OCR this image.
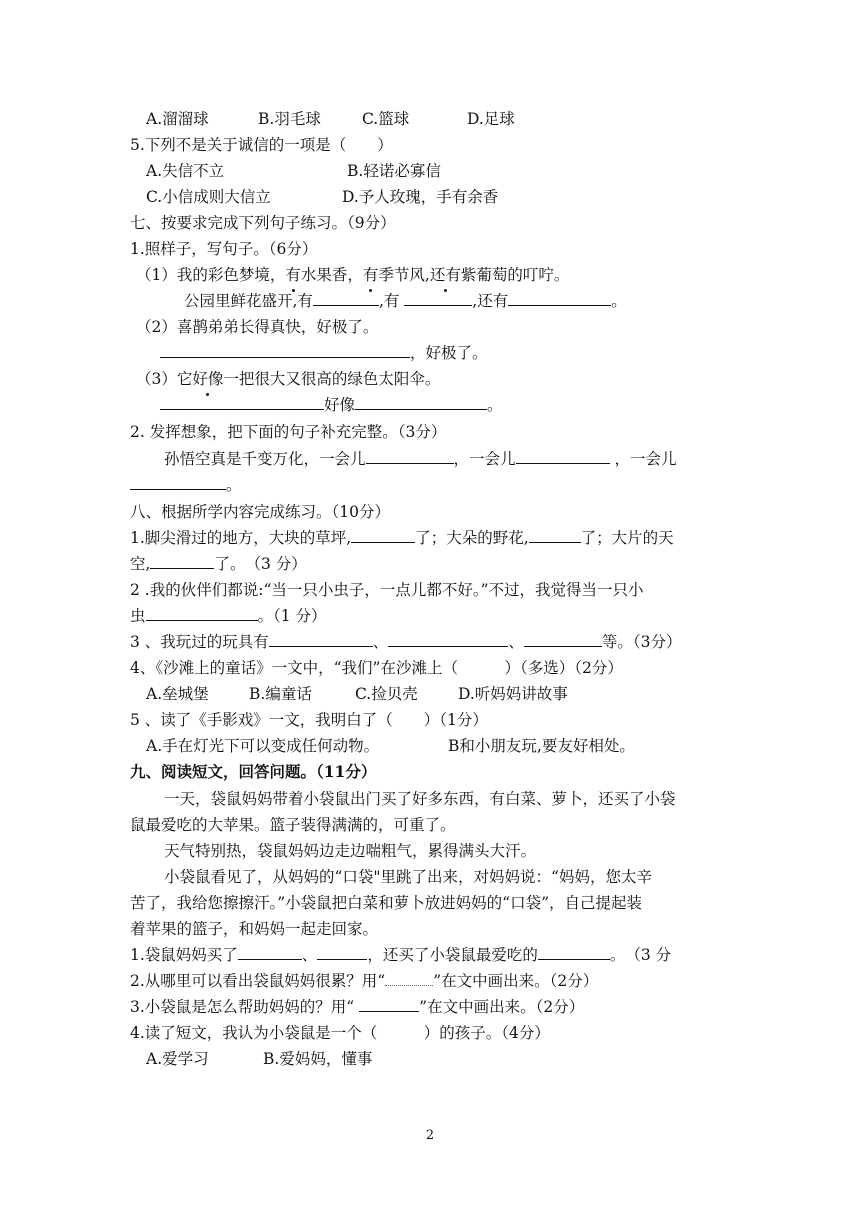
A.溜溜球	B.羽毛球	C.篮球	D.足球
5.下列不是关于诚信的一项是（　　）
A.失信不立	B.轻诺必寡信
C.小信成则大信立	D.予人玫瑰，手有余香
七、按要求完成下列句子练习。（9分）
1.照样子，写句子。（6分）
（1）我的彩色梦境，有水果香，有季节风,还有紫葡萄的叮咛。
公园里鲜花盛开,有	,有	,还有	。
（2）喜鹊弟弟长得真快，好极了。
，好极了。
（3）它好像一把很大又很高的绿色太阳伞。
好像	。
2. 发挥想象，把下面的句子补充完整。（3分）
孙悟空真是千变万化，一会儿	，一会儿	，一会儿
。
八、根据所学内容完成练习。（10分）
1.脚尖滑过的地方，大块的草坪,	了；大朵的野花,	了；大片的天
空,	了。　（3 分）
2 .我的伙伴们都说:“当一只小虫子，一点儿都不好。”不过，我觉得当一只小
虫	。（1 分）
3 、我玩过的玩具有	、	、	等。（3分）
4、《沙滩上的童话》一文中，“我们”在沙滩上（　　　）（多选）（2分）
A.垒城堡	B.编童话	C.捡贝壳	D.听妈妈讲故事
5 、读了《手影戏》一文，我明白了（　　）（1分）
A.手在灯光下可以变成任何动物。	B和小朋友玩,要友好相处。
九、阅读短文，回答问题。（11分）
一天，袋鼠妈妈带着小袋鼠出门买了好多东西，有白菜、萝卜，还买了小袋
鼠最爱吃的大苹果。篮子装得满满的，可重了。
天气特别热，袋鼠妈妈边走边喘粗气，累得满头大汗。
小袋鼠看见了，从妈妈的“口袋"里跳了出来，对妈妈说：“妈妈，您太辛
苦了，我给您擦擦汗。”小袋鼠把白菜和萝卜放进妈妈的“口袋”，自己提起装
着苹果的篮子，和妈妈一起走回家。
1.袋鼠妈妈买了	、	，还买了小袋鼠最爱吃的	。　（3 分
2.从哪里可以看出袋鼠妈妈很累？用“	”在文中画出来。（2分）
3.小袋鼠是怎么帮助妈妈的？用“	”在文中画出来。（2分）
4.读了短文，我认为小袋鼠是一个（　　　）的孩子。（4分）
A.爱学习	B.爱妈妈，懂事
2
